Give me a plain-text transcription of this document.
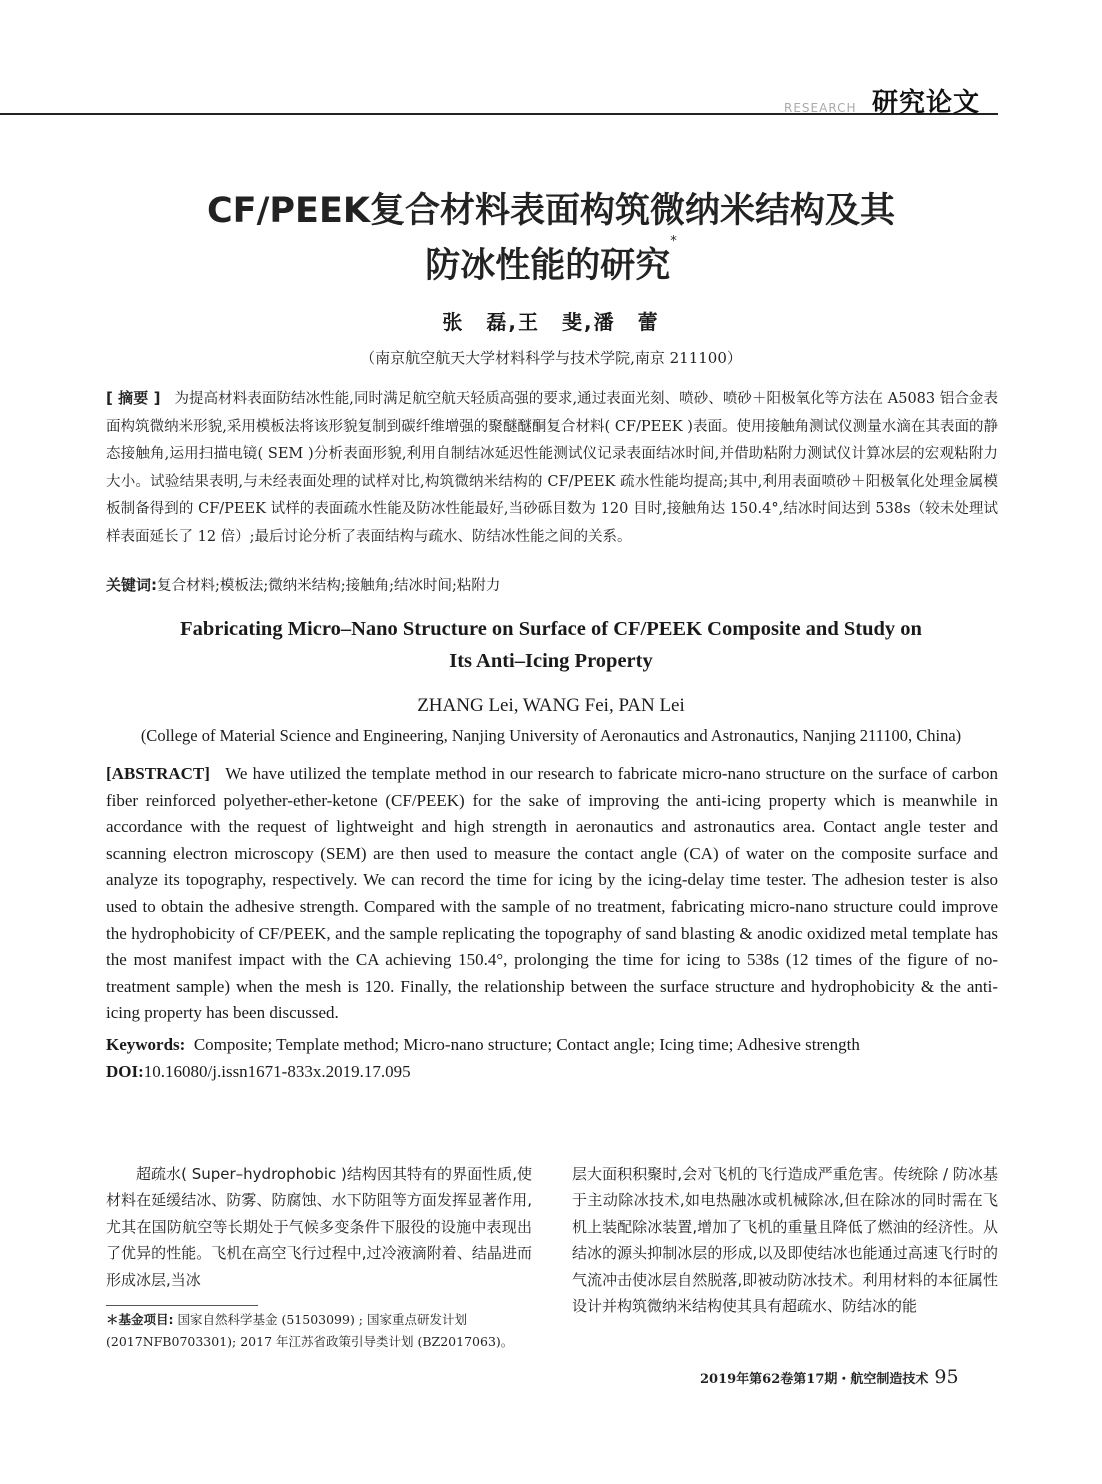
RESEARCH 研究论文
CF/PEEK复合材料表面构筑微纳米结构及其
防冰性能的研究*
张　磊,王　斐,潘　蕾
（南京航空航天大学材料科学与技术学院,南京 211100）
[ 摘要 ] 为提高材料表面防结冰性能,同时满足航空航天轻质高强的要求,通过表面光刻、喷砂、喷砂＋阳极氧化等方法在 A5083 铝合金表面构筑微纳米形貌,采用模板法将该形貌复制到碳纤维增强的聚醚醚酮复合材料( CF/PEEK )表面。使用接触角测试仪测量水滴在其表面的静态接触角,运用扫描电镜( SEM )分析表面形貌,利用自制结冰延迟性能测试仪记录表面结冰时间,并借助粘附力测试仪计算冰层的宏观粘附力大小。试验结果表明,与未经表面处理的试样对比,构筑微纳米结构的 CF/PEEK 疏水性能均提高;其中,利用表面喷砂＋阳极氧化处理金属模板制备得到的 CF/PEEK 试样的表面疏水性能及防冰性能最好,当砂砾目数为 120 目时,接触角达 150.4°,结冰时间达到 538s（较未处理试样表面延长了 12 倍）;最后讨论分析了表面结构与疏水、防结冰性能之间的关系。
关键词:复合材料;模板法;微纳米结构;接触角;结冰时间;粘附力
Fabricating Micro–Nano Structure on Surface of CF/PEEK Composite and Study on
Its Anti–Icing Property
ZHANG Lei, WANG Fei, PAN Lei
(College of Material Science and Engineering, Nanjing University of Aeronautics and Astronautics, Nanjing 211100, China)
[ABSTRACT] We have utilized the template method in our research to fabricate micro-nano structure on the surface of carbon fiber reinforced polyether-ether-ketone (CF/PEEK) for the sake of improving the anti-icing property which is meanwhile in accordance with the request of lightweight and high strength in aeronautics and astronautics area. Contact angle tester and scanning electron microscopy (SEM) are then used to measure the contact angle (CA) of water on the composite surface and analyze its topography, respectively. We can record the time for icing by the icing-delay time tester. The adhesion tester is also used to obtain the adhesive strength. Compared with the sample of no treatment, fabricating micro-nano structure could improve the hydrophobicity of CF/PEEK, and the sample replicating the topography of sand blasting & anodic oxidized metal template has the most manifest impact with the CA achieving 150.4°, prolonging the time for icing to 538s (12 times of the figure of no-treatment sample) when the mesh is 120. Finally, the relationship between the surface structure and hydrophobicity & the anti-icing property has been discussed.
Keywords: Composite; Template method; Micro-nano structure; Contact angle; Icing time; Adhesive strength
DOI:10.16080/j.issn1671-833x.2019.17.095
超疏水( Super–hydrophobic )结构因其特有的界面性质,使材料在延缓结冰、防雾、防腐蚀、水下防阻等方面发挥显著作用,尤其在国防航空等长期处于气候多变条件下服役的设施中表现出了优异的性能。飞机在高空飞行过程中,过冷液滴附着、结晶进而形成冰层,当冰
层大面积积聚时,会对飞机的飞行造成严重危害。传统除 / 防冰基于主动除冰技术,如电热融冰或机械除冰,但在除冰的同时需在飞机上装配除冰装置,增加了飞机的重量且降低了燃油的经济性。从结冰的源头抑制冰层的形成,以及即使结冰也能通过高速飞行时的气流冲击使冰层自然脱落,即被动防冰技术。利用材料的本征属性设计并构筑微纳米结构使其具有超疏水、防结冰的能
＊基金项目: 国家自然科学基金 (51503099) ; 国家重点研发计划 (2017NFB0703301); 2017 年江苏省政策引导类计划 (BZ2017063)。
2019年第62卷第17期・航空制造技术 95
